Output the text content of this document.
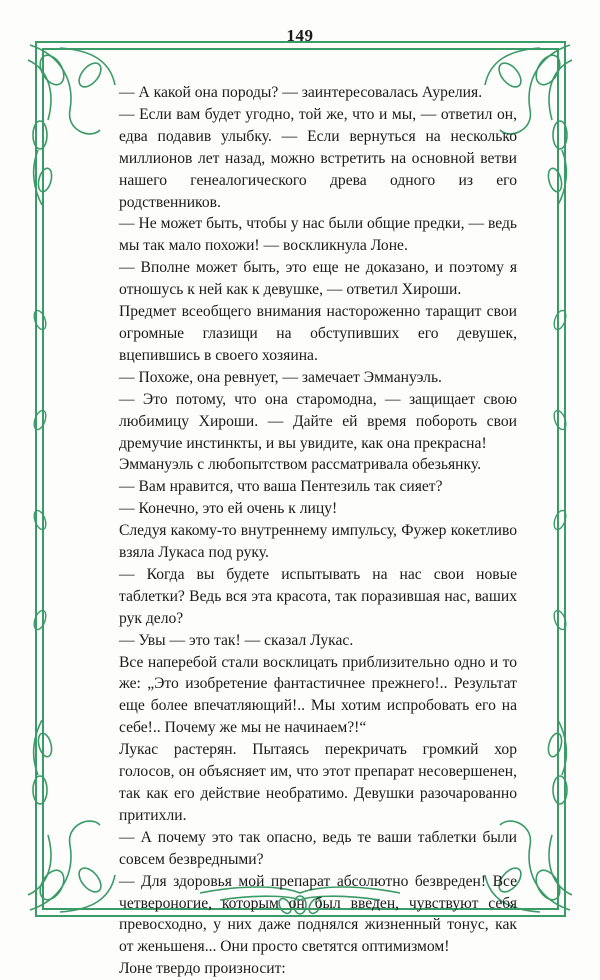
149

— А какой она породы? — заинтересовалась Аурелия.

— Если вам будет угодно, той же, что и мы, — ответил он, едва подавив улыбку. — Если вернуться на несколько миллионов лет назад, можно встретить на основной ветви нашего генеалогического древа одного из его родственников.

— Не может быть, чтобы у нас были общие предки, — ведь мы так мало похожи! — воскликнула Лоне.

— Вполне может быть, это еще не доказано, и поэтому я отношусь к ней как к девушке, — ответил Хироши.

Предмет всеобщего внимания настороженно таращит свои огромные глазищи на обступивших его девушек, вцепившись в своего хозяина.

— Похоже, она ревнует, — замечает Эммануэль.

— Это потому, что она старомодна, — защищает свою любимицу Хироши. — Дайте ей время побороть свои дремучие инстинкты, и вы увидите, как она прекрасна!

Эммануэль с любопытством рассматривала обезьянку.

— Вам нравится, что ваша Пентезиль так сияет?

— Конечно, это ей очень к лицу!

Следуя какому-то внутреннему импульсу, Фужер кокетливо взяла Лукаса под руку.

— Когда вы будете испытывать на нас свои новые таблетки? Ведь вся эта красота, так поразившая нас, ваших рук дело?

— Увы — это так! — сказал Лукас.

Все наперебой стали восклицать приблизительно одно и то же: „Это изобретение фантастичнее прежнего!.. Результат еще более впечатляющий!.. Мы хотим испробовать его на себе!.. Почему же мы не начинаем?!“

Лукас растерян. Пытаясь перекричать громкий хор голосов, он объясняет им, что этот препарат несовершенен, так как его действие необратимо. Девушки разочарованно притихли.

— А почему это так опасно, ведь те ваши таблетки были совсем безвредными?

— Для здоровья мой препарат абсолютно безвреден! Все четвероногие, которым он был введен, чувствуют себя превосходно, у них даже поднялся жизненный тонус, как от женьшеня... Они просто светятся оптимизмом!

Лоне твердо произносит:
